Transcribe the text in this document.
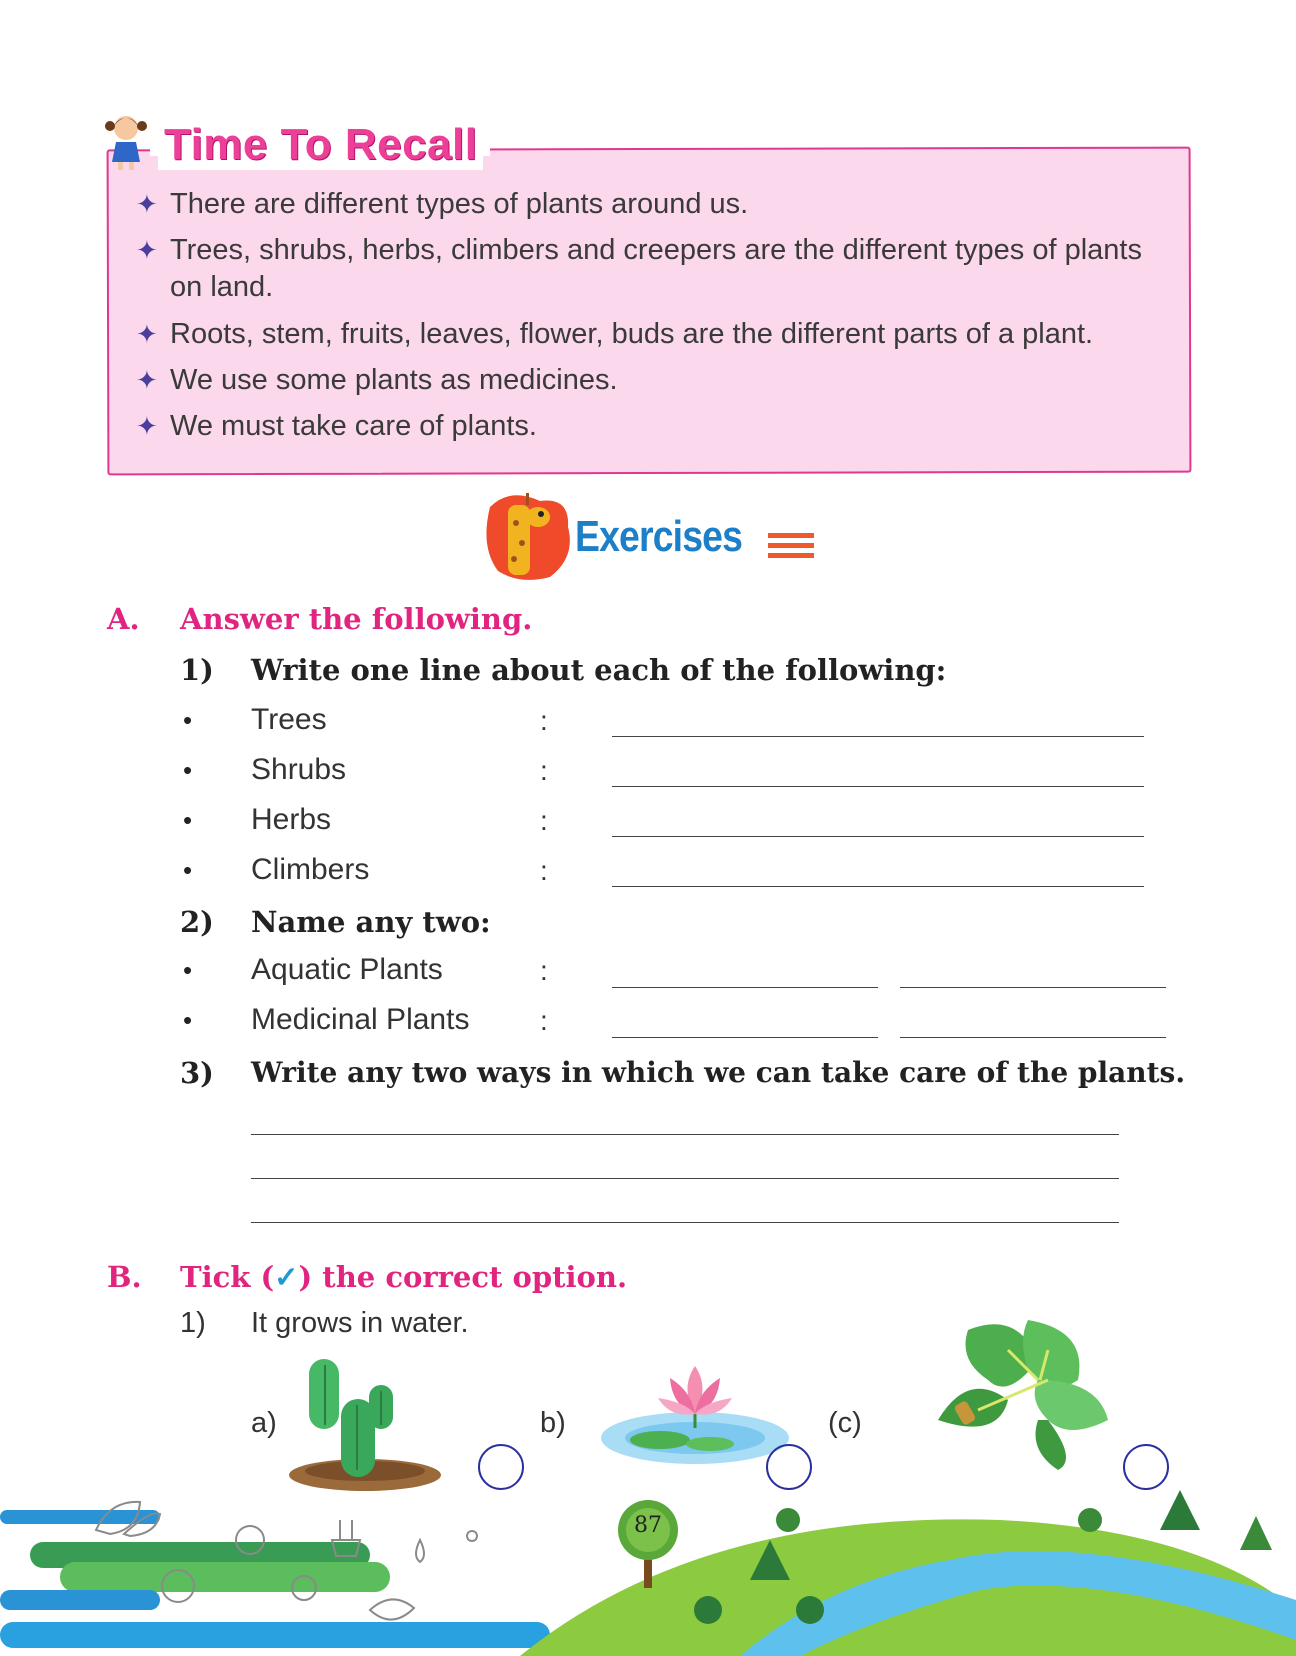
Time To Recall
✦ There are different types of plants around us.
✦ Trees, shrubs, herbs, climbers and creepers are the different types of plants on land.
✦ Roots, stem, fruits, leaves, flower, buds are the different parts of a plant.
✦ We use some plants as medicines.
✦ We must take care of plants.
Exercises
A. Answer the following.
1) Write one line about each of the following:
• Trees	:
• Shrubs	:
• Herbs	:
• Climbers	:
2) Name any two:
• Aquatic Plants	:
• Medicinal Plants	:
3) Write any two ways in which we can take care of the plants.
B. Tick (✓) the correct option.
1) It grows in water.
a)	b)	(c)
87
